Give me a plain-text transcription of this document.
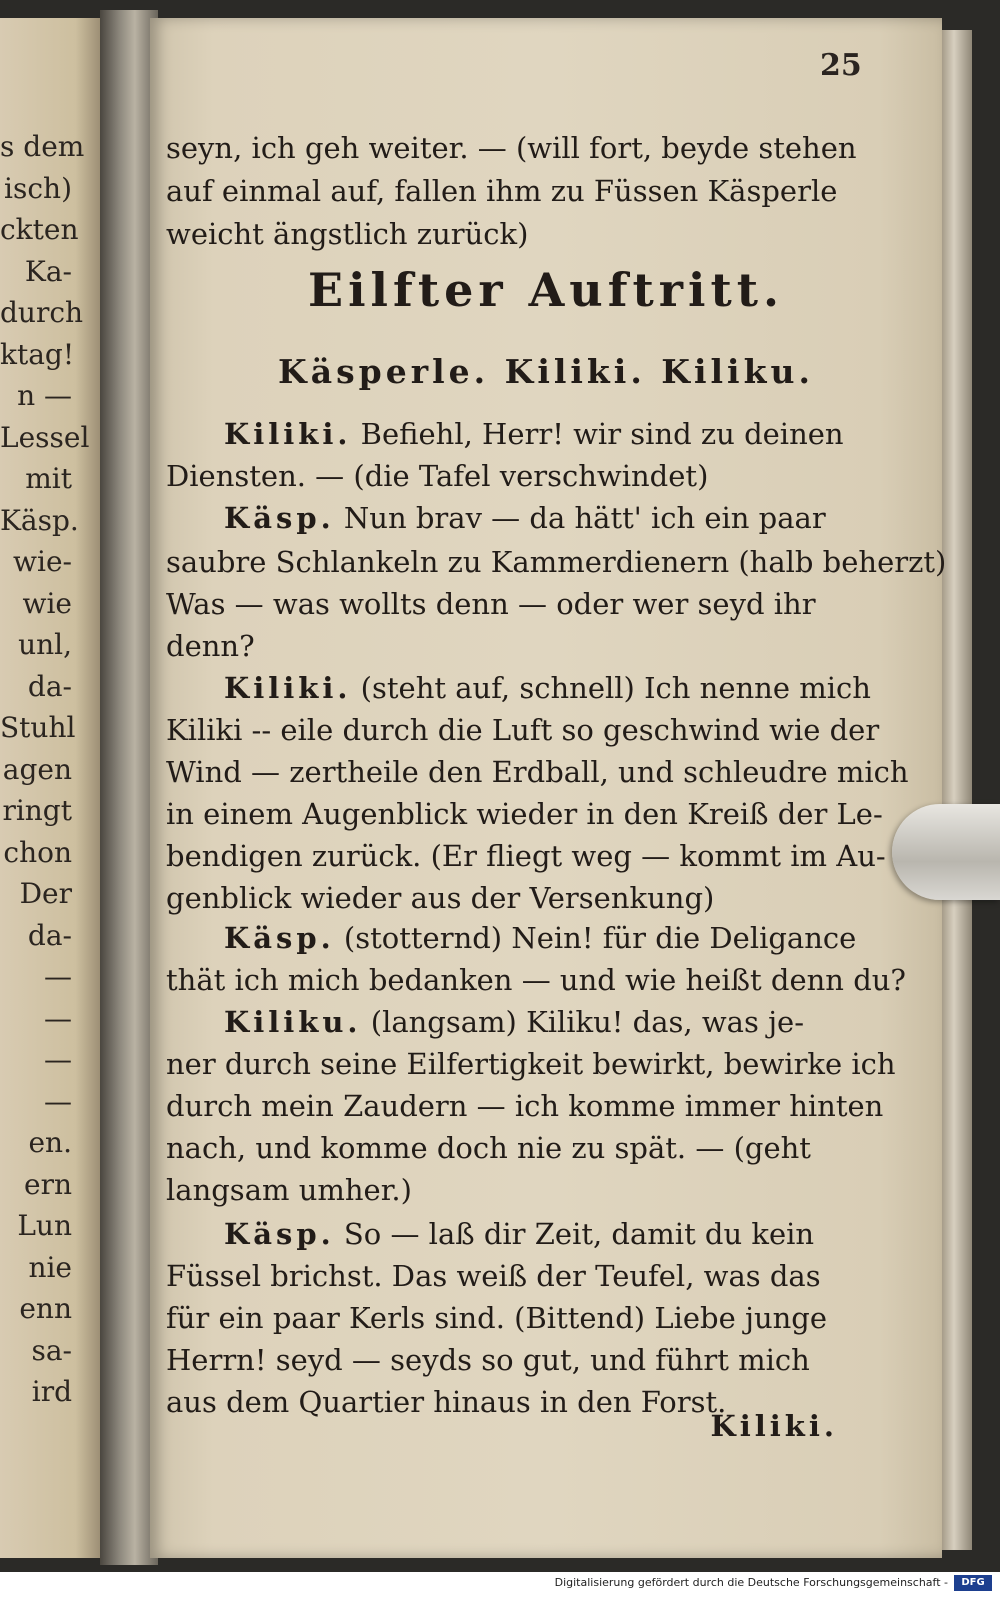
s dem
isch)
ckten
Ka-
durch
ktag!
n —
Lessel
mit
Käsp.
wie-
wie
unl,
da-
Stuhl
agen
ringt
chon
Der
da-
—
—
—
—
en.
ern
Lun
nie
enn
sa-
ird
25
seyn, ich geh weiter. — (will fort, beyde stehen
auf einmal auf, fallen ihm zu Füssen Käsperle
weicht ängstlich zurück)
Eilfter Auftritt.
Käsperle. Kiliki. Kiliku.
Kiliki. Befiehl, Herr! wir sind zu deinen
Diensten. — (die Tafel verschwindet)
Käsp. Nun brav — da hätt' ich ein paar
saubre Schlankeln zu Kammerdienern (halb beherzt)
Was — was wollts denn — oder wer seyd ihr
denn?
Kiliki. (steht auf, schnell) Ich nenne mich
Kiliki -- eile durch die Luft so geschwind wie der
Wind — zertheile den Erdball, und schleudre mich
in einem Augenblick wieder in den Kreiß der Le-
bendigen zurück. (Er fliegt weg — kommt im Au-
genblick wieder aus der Versenkung)
Käsp. (stotternd) Nein! für die Deligance
thät ich mich bedanken — und wie heißt denn du?
Kiliku. (langsam) Kiliku! das, was je-
ner durch seine Eilfertigkeit bewirkt, bewirke ich
durch mein Zaudern — ich komme immer hinten
nach, und komme doch nie zu spät. — (geht
langsam umher.)
Käsp. So — laß dir Zeit, damit du kein
Füssel brichst. Das weiß der Teufel, was das
für ein paar Kerls sind. (Bittend) Liebe junge
Herrn! seyd — seyds so gut, und führt mich
aus dem Quartier hinaus in den Forst.
Kiliki.
Digitalisierung gefördert durch die Deutsche Forschungsgemeinschaft -	DFG
